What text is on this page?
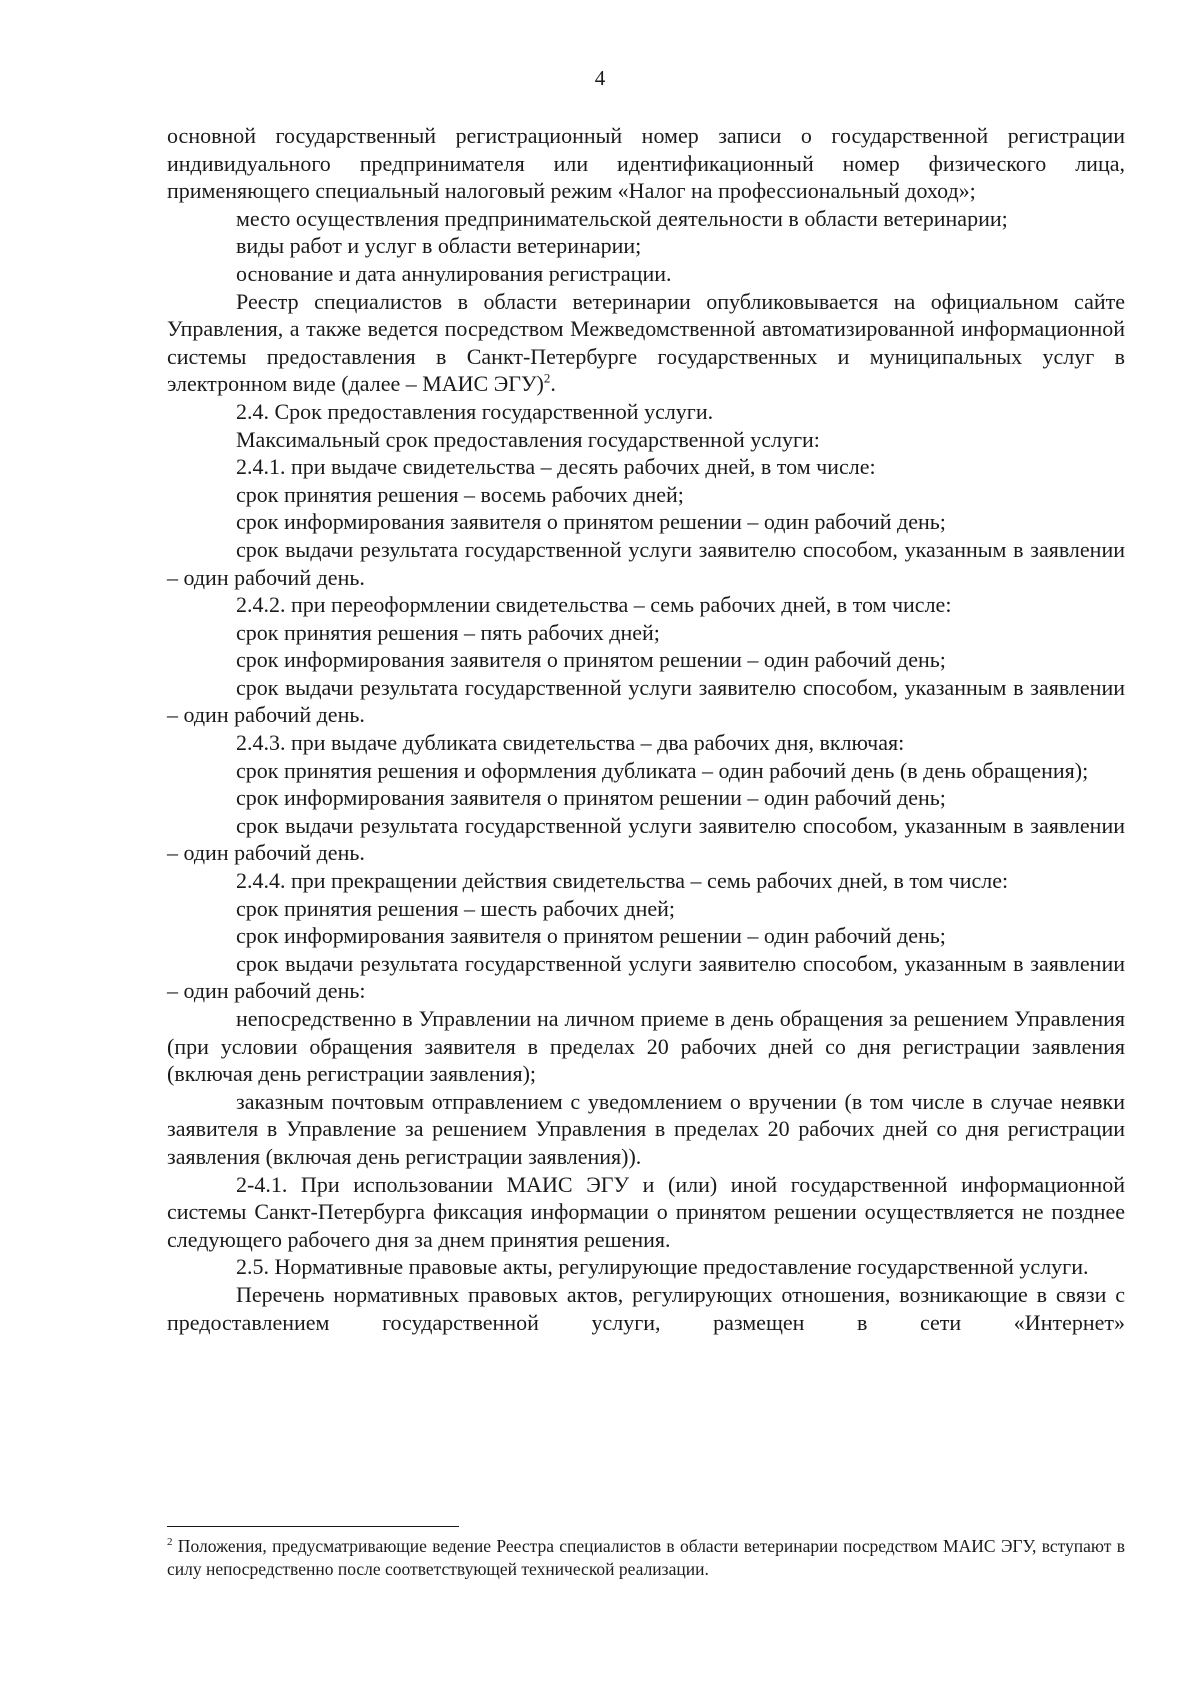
4

основной государственный регистрационный номер записи о государственной регистрации индивидуального предпринимателя или идентификационный номер физического лица, применяющего специальный налоговый режим «Налог на профессиональный доход»;

место осуществления предпринимательской деятельности в области ветеринарии;

виды работ и услуг в области ветеринарии;

основание и дата аннулирования регистрации.

Реестр специалистов в области ветеринарии опубликовывается на официальном сайте Управления, а также ведется посредством Межведомственной автоматизированной информационной системы предоставления в Санкт-Петербурге государственных и муниципальных услуг в электронном виде (далее – МАИС ЭГУ)$^2$.

2.4. Срок предоставления государственной услуги.

Максимальный срок предоставления государственной услуги:

2.4.1. при выдаче свидетельства – десять рабочих дней, в том числе:

срок принятия решения – восемь рабочих дней;

срок информирования заявителя о принятом решении – один рабочий день;

срок выдачи результата государственной услуги заявителю способом, указанным в заявлении – один рабочий день.

2.4.2. при переоформлении свидетельства – семь рабочих дней, в том числе:

срок принятия решения – пять рабочих дней;

срок информирования заявителя о принятом решении – один рабочий день;

срок выдачи результата государственной услуги заявителю способом, указанным в заявлении – один рабочий день.

2.4.3. при выдаче дубликата свидетельства – два рабочих дня, включая:

срок принятия решения и оформления дубликата – один рабочий день (в день обращения);

срок информирования заявителя о принятом решении – один рабочий день;

срок выдачи результата государственной услуги заявителю способом, указанным в заявлении – один рабочий день.

2.4.4. при прекращении действия свидетельства – семь рабочих дней, в том числе:

срок принятия решения – шесть рабочих дней;

срок информирования заявителя о принятом решении – один рабочий день;

срок выдачи результата государственной услуги заявителю способом, указанным в заявлении – один рабочий день:

непосредственно в Управлении на личном приеме в день обращения за решением Управления (при условии обращения заявителя в пределах 20 рабочих дней со дня регистрации заявления (включая день регистрации заявления);

заказным почтовым отправлением с уведомлением о вручении (в том числе в случае неявки заявителя в Управление за решением Управления в пределах 20 рабочих дней со дня регистрации заявления (включая день регистрации заявления)).

2-4.1. При использовании МАИС ЭГУ и (или) иной государственной информационной системы Санкт-Петербурга фиксация информации о принятом решении осуществляется не позднее следующего рабочего дня за днем принятия решения.

2.5. Нормативные правовые акты, регулирующие предоставление государственной услуги.

Перечень нормативных правовых актов, регулирующих отношения, возникающие в связи с предоставлением государственной услуги, размещен в сети «Интернет»

$^2$ Положения, предусматривающие ведение Реестра специалистов в области ветеринарии посредством МАИС ЭГУ, вступают в силу непосредственно после соответствующей технической реализации.
